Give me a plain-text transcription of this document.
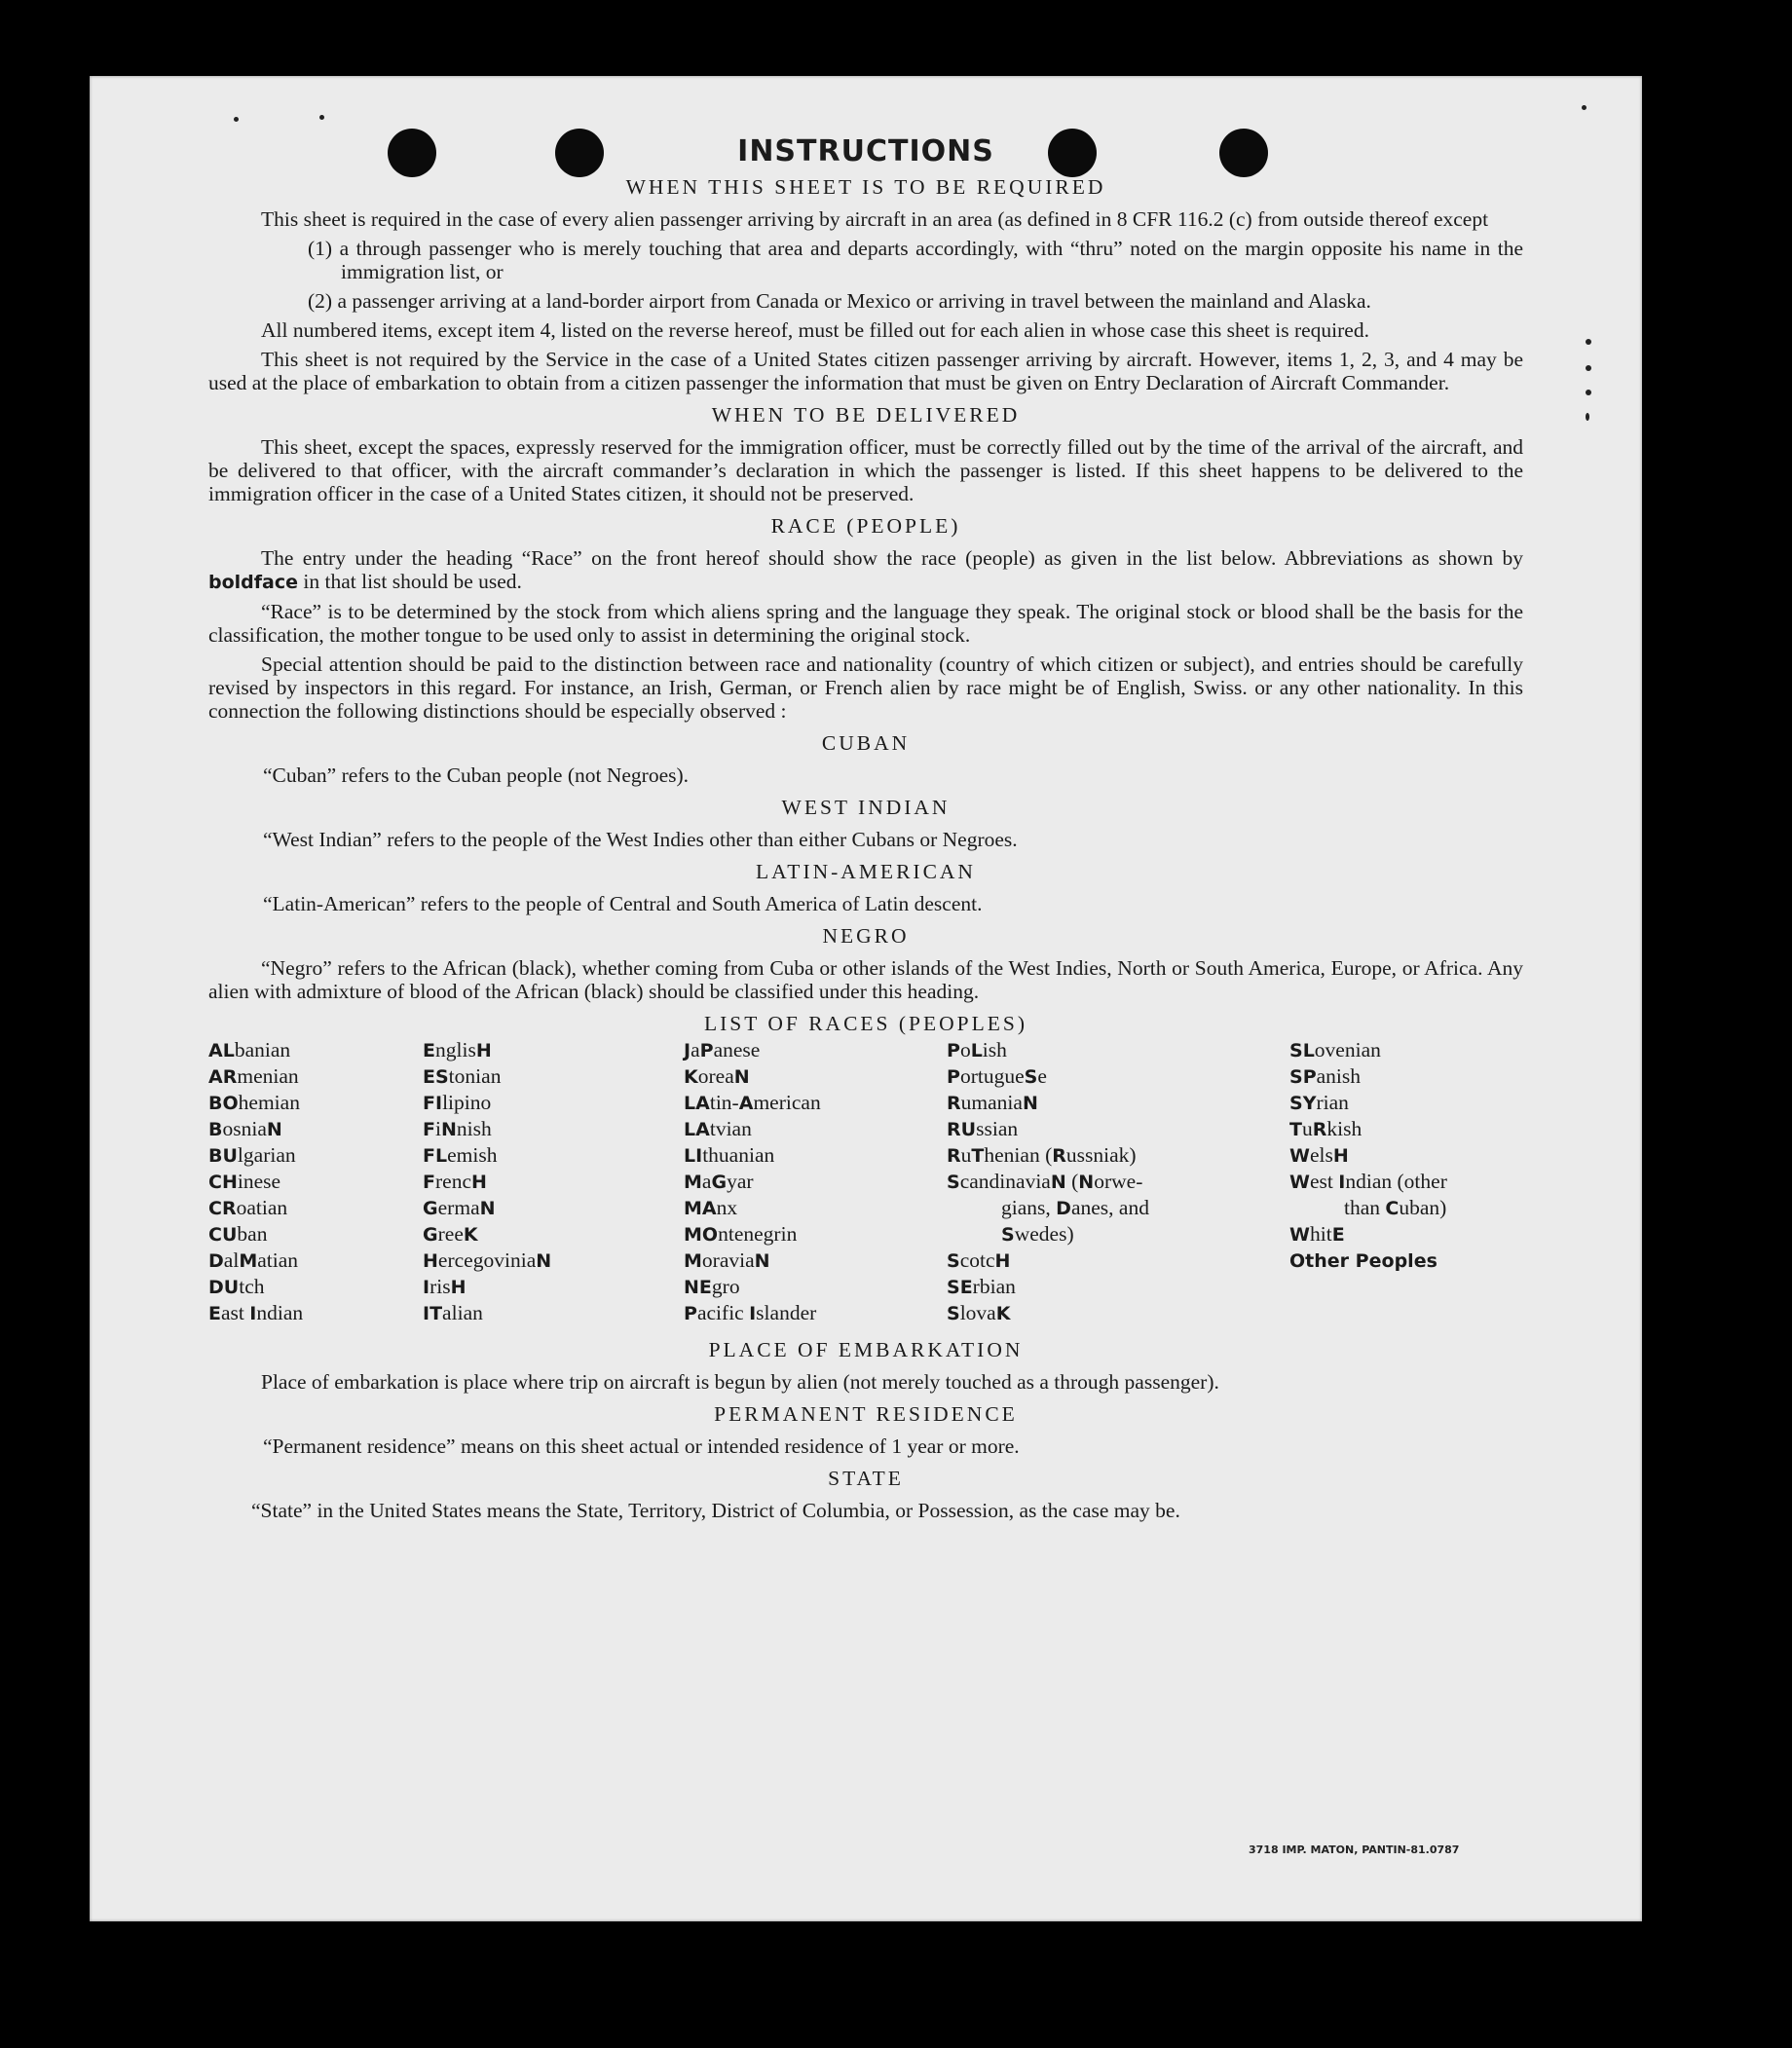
INSTRUCTIONS
WHEN THIS SHEET IS TO BE REQUIRED

This sheet is required in the case of every alien passenger arriving by aircraft in an area (as defined in 8 CFR 116.2 (c) from outside thereof except

(1) a through passenger who is merely touching that area and departs accordingly, with “thru” noted on the margin opposite his name in the immigration list, or

(2) a passenger arriving at a land-border airport from Canada or Mexico or arriving in travel between the mainland and Alaska.

All numbered items, except item 4, listed on the reverse hereof, must be filled out for each alien in whose case this sheet is required.

This sheet is not required by the Service in the case of a United States citizen passenger arriving by aircraft. However, items 1, 2, 3, and 4 may be used at the place of embarkation to obtain from a citizen passenger the information that must be given on Entry Declaration of Aircraft Commander.

WHEN TO BE DELIVERED

This sheet, except the spaces, expressly reserved for the immigration officer, must be correctly filled out by the time of the arrival of the aircraft, and be delivered to that officer, with the aircraft commander’s declaration in which the passenger is listed. If this sheet happens to be delivered to the immigration officer in the case of a United States citizen, it should not be preserved.

RACE (PEOPLE)

The entry under the heading “Race” on the front hereof should show the race (people) as given in the list below. Abbreviations as shown by boldface in that list should be used.

“Race” is to be determined by the stock from which aliens spring and the language they speak. The original stock or blood shall be the basis for the classification, the mother tongue to be used only to assist in determining the original stock.

Special attention should be paid to the distinction between race and nationality (country of which citizen or subject), and entries should be carefully revised by inspectors in this regard. For instance, an Irish, German, or French alien by race might be of English, Swiss. or any other nationality. In this connection the following distinctions should be especially observed :

CUBAN

“Cuban” refers to the Cuban people (not Negroes).

WEST INDIAN

“West Indian” refers to the people of the West Indies other than either Cubans or Negroes.

LATIN-AMERICAN

“Latin-American” refers to the people of Central and South America of Latin descent.

NEGRO

“Negro” refers to the African (black), whether coming from Cuba or other islands of the West Indies, North or South America, Europe, or Africa. Any alien with admixture of blood of the African (black) should be classified under this heading.

LIST OF RACES (PEOPLES)
ALbanian
ARmenian
BOhemian
BosniaN
BUlgarian
CHinese
CRoatian
CUban
DalMatian
DUtch
East Indian
EnglisH
EStonian
FIlipino
FiNnish
FLemish
FrencH
GermaN
GreeK
HercegoviniaN
IrisH
ITalian
JaPanese
KoreaN
LAtin-American
LAtvian
LIthuanian
MaGyar
MAnx
MOntenegrin
MoraviaN
NEgro
Pacific Islander
PoLish
PortugueSe
RumaniaN
RUssian
RuThenian (Russniak)
ScandinaviaN (Norwe-
gians, Danes, and
Swedes)
ScotcH
SErbian
SlovaK
SLovenian
SPanish
SYrian
TuRkish
WelsH
West Indian (other
than Cuban)
WhitE
Other Peoples
PLACE OF EMBARKATION

Place of embarkation is place where trip on aircraft is begun by alien (not merely touched as a through passenger).

PERMANENT RESIDENCE

“Permanent residence” means on this sheet actual or intended residence of 1 year or more.

STATE

“State” in the United States means the State, Territory, District of Columbia, or Possession, as the case may be.

3718 IMP. MATON, PANTIN-81.0787
